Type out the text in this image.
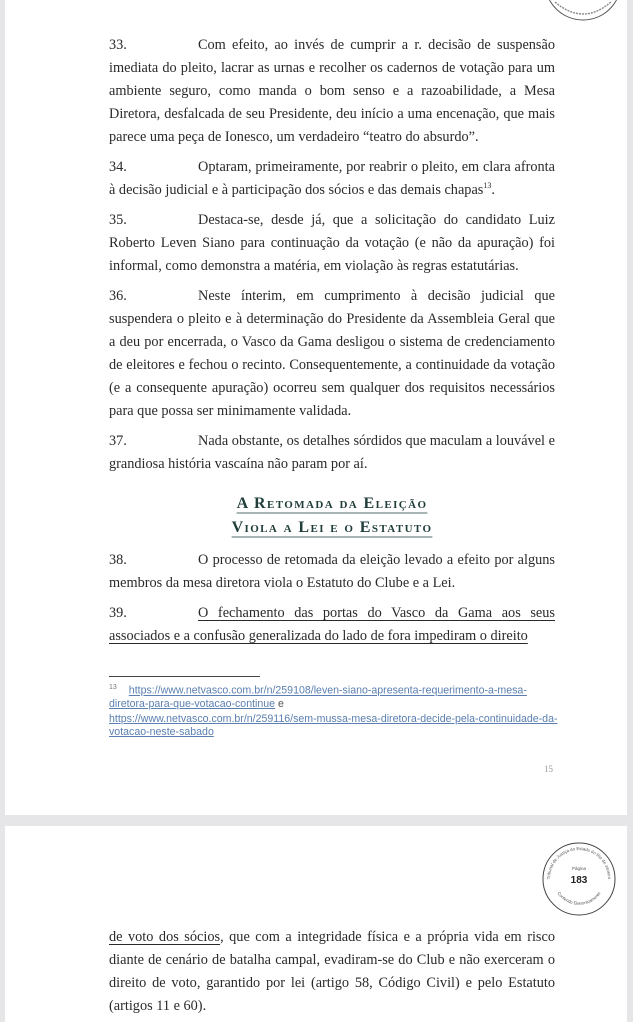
33.	Com efeito, ao invés de cumprir a r. decisão de suspensão imediata do pleito, lacrar as urnas e recolher os cadernos de votação para um ambiente seguro, como manda o bom senso e a razoabilidade, a Mesa Diretora, desfalcada de seu Presidente, deu início a uma encenação, que mais parece uma peça de Ionesco, um verdadeiro “teatro do absurdo”.

34.	Optaram, primeiramente, por reabrir o pleito, em clara afronta à decisão judicial e à participação dos sócios e das demais chapas$^{13}$.

35.	Destaca-se, desde já, que a solicitação do candidato Luiz Roberto Leven Siano para continuação da votação (e não da apuração) foi informal, como demonstra a matéria, em violação às regras estatutárias.

36.	Neste ínterim, em cumprimento à decisão judicial que suspendera o pleito e à determinação do Presidente da Assembleia Geral que a deu por encerrada, o Vasco da Gama desligou o sistema de credenciamento de eleitores e fechou o recinto. Consequentemente, a continuidade da votação (e a consequente apuração) ocorreu sem qualquer dos requisitos necessários para que possa ser minimamente validada.

37.	Nada obstante, os detalhes sórdidos que maculam a louvável e grandiosa história vascaína não param por aí.

A Retomada da Eleição

Viola a Lei e o Estatuto

38.	O processo de retomada da eleição levado a efeito por alguns membros da mesa diretora viola o Estatuto do Clube e a Lei.

39.	O fechamento das portas do Vasco da Gama aos seus associados e a confusão generalizada do lado de fora impediram o direito

$^{13}$ https://www.netvasco.com.br/n/259108/leven-siano-apresenta-requerimento-a-mesa-diretora-para-que-votacao-continue e
https://www.netvasco.com.br/n/259116/sem-mussa-mesa-diretora-decide-pela-continuidade-da-votacao-neste-sabado
15
Tribunal de Justiça do Estado do Rio de Janeiro
Página
183
Conferido Eletronicamente

de voto dos sócios, que com a integridade física e a própria vida em risco diante de cenário de batalha campal, evadiram-se do Club e não exerceram o direito de voto, garantido por lei (artigo 58, Código Civil) e pelo Estatuto (artigos 11 e 60).
